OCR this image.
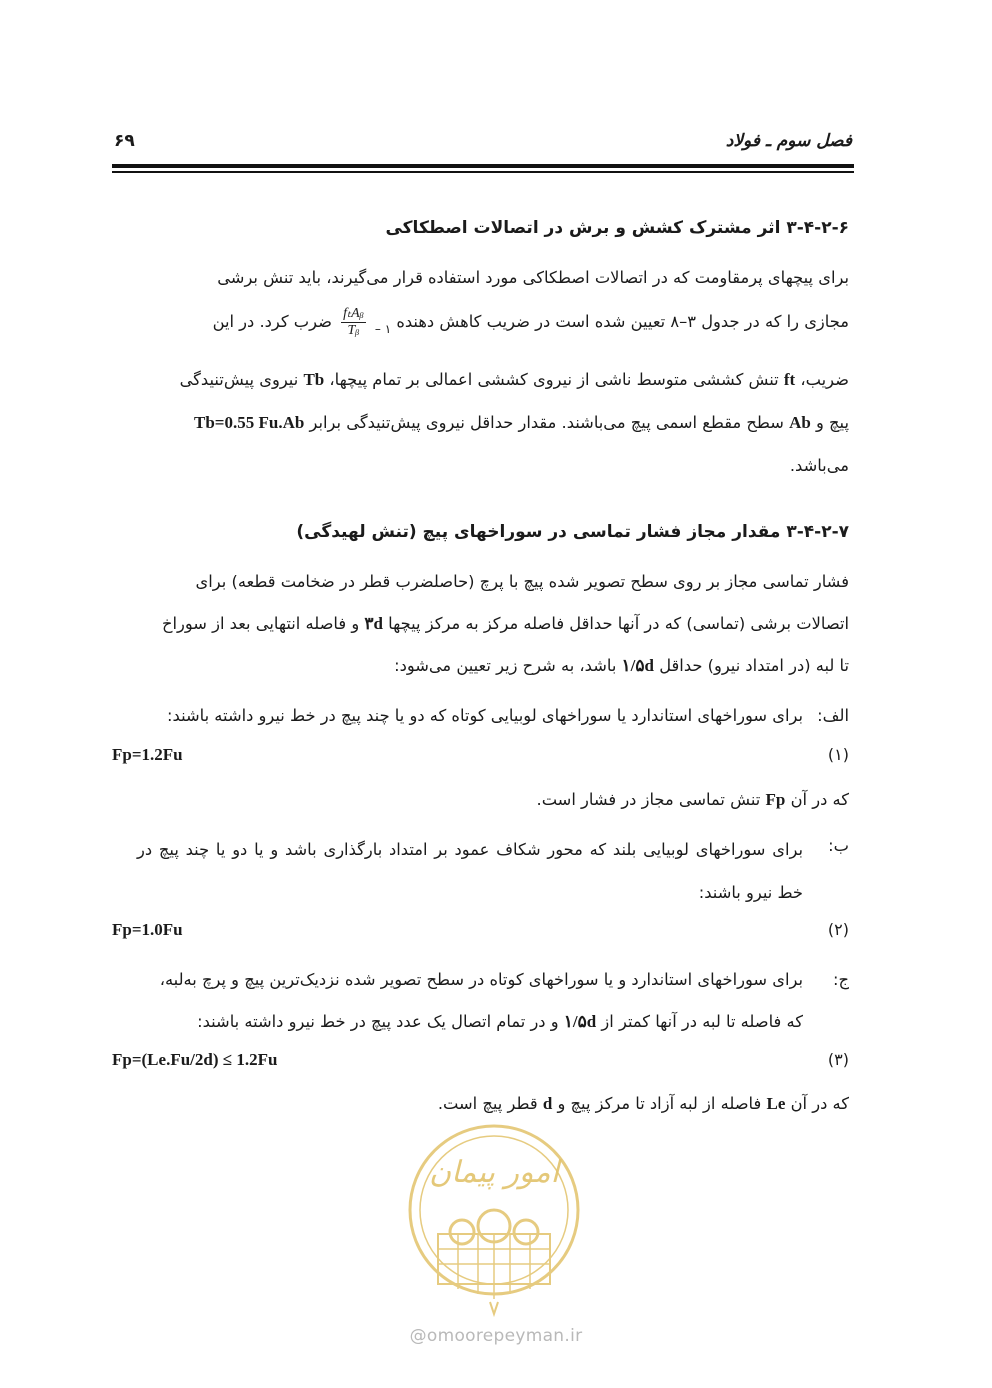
فصل سوم ـ فولاد
۶۹
۳-۴-۲-۶ اثر مشترک کشش و برش در اتصالات اصطکاکی
برای پیچهای پرمقاومت که در اتصالات اصطکاکی مورد استفاده قرار می‌گیرند، باید تنش برشی
مجازی را که در جدول ۳–۸ تعیین شده است در ضریب کاهش دهنده $_{۱ -}$
$\frac{\text{fₜAᵦ}}{\text{Tᵦ}}$
ضرب کرد. در این
ضریب، ft تنش کششی متوسط ناشی از نیروی کششی اعمالی بر تمام پیچها، Tb نیروی پیش‌تنیدگی
پیچ و Ab سطح مقطع اسمی پیچ می‌باشند. مقدار حداقل نیروی پیش‌تنیدگی برابر Tb=0.55 Fu.Ab
می‌باشد.
۳-۴-۲-۷ مقدار مجاز فشار تماسی در سوراخهای پیچ (تنش لهیدگی)
فشار تماسی مجاز بر روی سطح تصویر شده پیچ با پرچ (حاصلضرب قطر در ضخامت قطعه) برای
اتصالات برشی (تماسی) که در آنها حداقل فاصله مرکز به مرکز پیچها ۳d و فاصله انتهایی بعد از سوراخ
تا لبه (در امتداد نیرو) حداقل ۱/۵d باشد، به شرح زیر تعیین می‌شود:
الف:
برای سوراخهای استاندارد یا سوراخهای لوبیایی کوتاه که دو یا چند پیچ در خط نیرو داشته باشند:
Fp=1.2Fu	(۱)
که در آن Fp تنش تماسی مجاز در فشار است.
ب:
برای سوراخهای لوبیایی بلند که محور شکاف عمود بر امتداد بارگذاری باشد و یا دو یا چند پیچ در خط نیرو باشند:
Fp=1.0Fu	(۲)
ج:
برای سوراخهای استاندارد و یا سوراخهای کوتاه در سطح تصویر شده نزدیک‌ترین پیچ و پرچ به‌لبه،
که فاصله تا لبه در آنها کمتر از ۱/۵d و در تمام اتصال یک عدد پیچ در خط نیرو داشته باشند:
Fp=(Le.Fu/2d) ≤ 1.2Fu	(۳)
که در آن Le فاصله از لبه آزاد تا مرکز پیچ و d قطر پیچ است.
امور پیمان
@omoorepeyman.ir
